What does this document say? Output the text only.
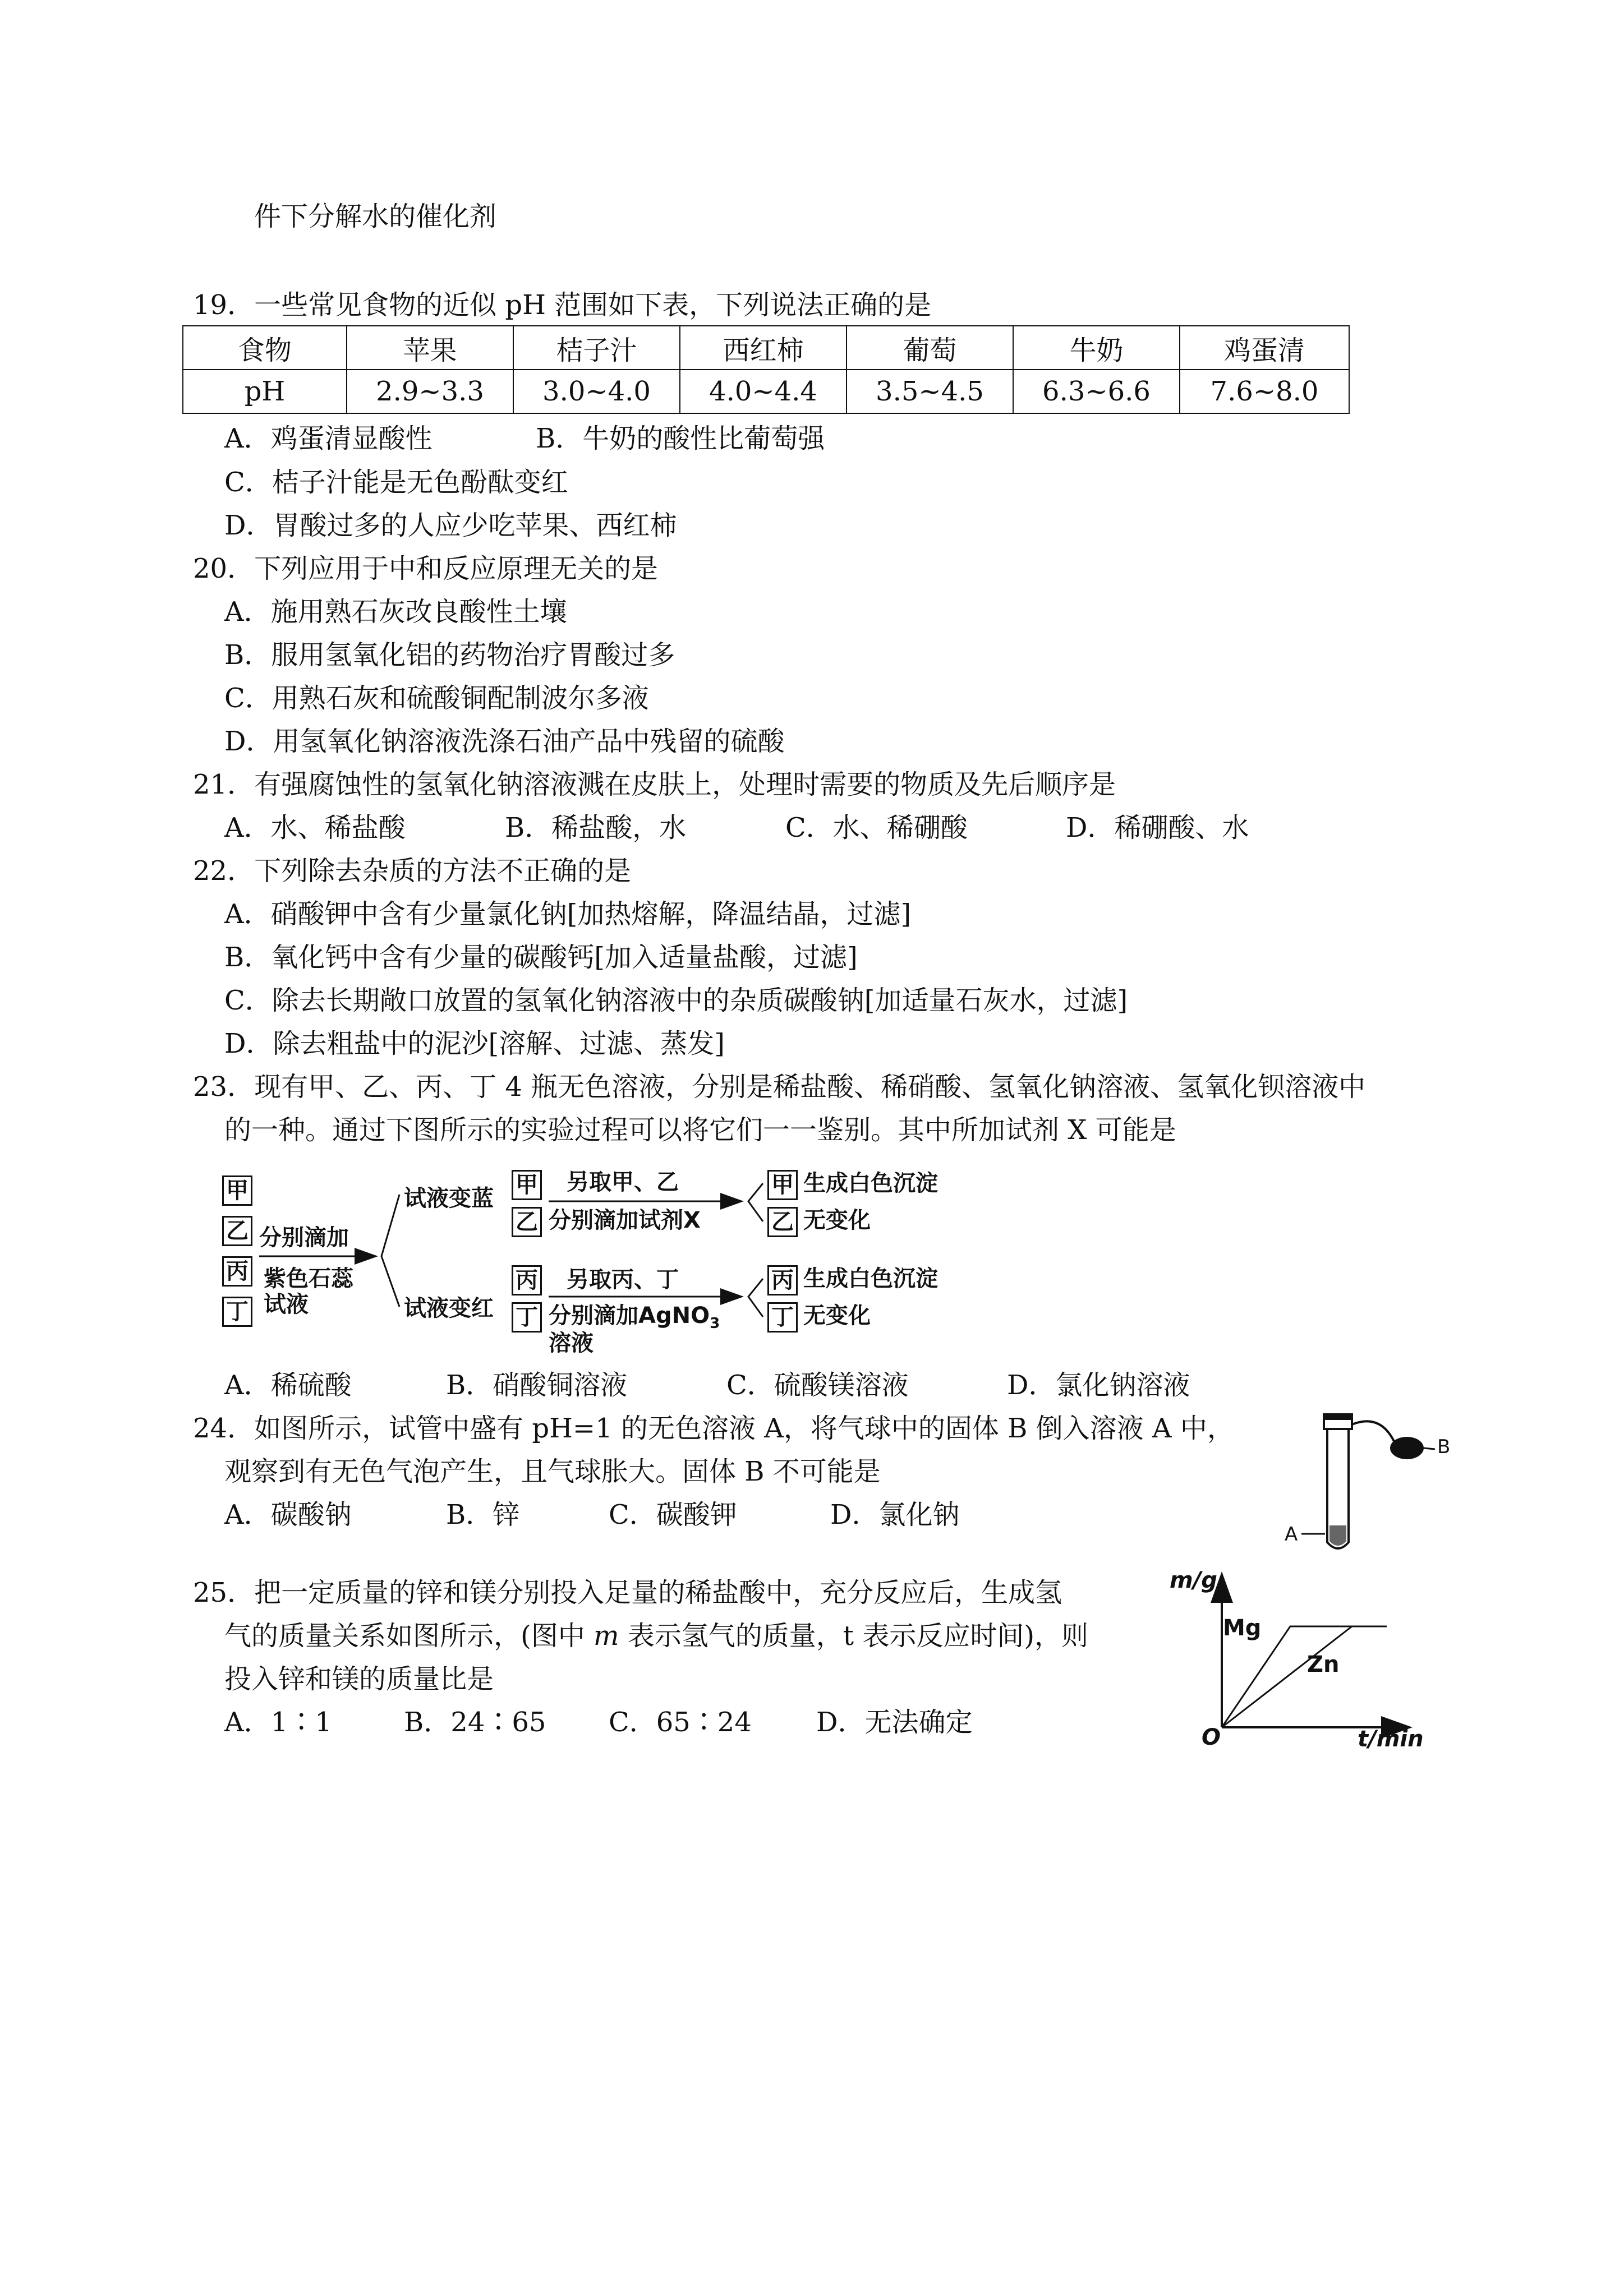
件下分解水的催化剂
19．一些常见食物的近似 pH 范围如下表，下列说法正确的是
食物	苹果	桔子汁	西红柿	葡萄	牛奶	鸡蛋清
pH	2.9~3.3	3.0~4.0	4.0~4.4	3.5~4.5	6.3~6.6	7.6~8.0
A．鸡蛋清显酸性	B．牛奶的酸性比葡萄强
C．桔子汁能是无色酚酞变红
D．胃酸过多的人应少吃苹果、西红柿
20．下列应用于中和反应原理无关的是
A．施用熟石灰改良酸性土壤
B．服用氢氧化铝的药物治疗胃酸过多
C．用熟石灰和硫酸铜配制波尔多液
D．用氢氧化钠溶液洗涤石油产品中残留的硫酸
21．有强腐蚀性的氢氧化钠溶液溅在皮肤上，处理时需要的物质及先后顺序是
A．水、稀盐酸	B．稀盐酸，水	C．水、稀硼酸	D．稀硼酸、水
22．下列除去杂质的方法不正确的是
A．硝酸钾中含有少量氯化钠[加热熔解，降温结晶，过滤]
B．氧化钙中含有少量的碳酸钙[加入适量盐酸，过滤]
C．除去长期敞口放置的氢氧化钠溶液中的杂质碳酸钠[加适量石灰水，过滤]
D．除去粗盐中的泥沙[溶解、过滤、蒸发]
23．现有甲、乙、丙、丁 4 瓶无色溶液，分别是稀盐酸、稀硝酸、氢氧化钠溶液、氢氧化钡溶液中
的一种。通过下图所示的实验过程可以将它们一一鉴别。其中所加试剂 X 可能是
甲
乙
丙
丁
分别滴加
紫色石蕊
试液
试液变蓝
试液变红
甲
乙
另取甲、乙
分别滴加试剂X
丙
丁
另取丙、丁
分别滴加AgNO$_3$
溶液
甲
乙
生成白色沉淀
无变化
丙
丁
生成白色沉淀
无变化
A．稀硫酸	B．硝酸铜溶液	C．硫酸镁溶液	D．氯化钠溶液
24．如图所示，试管中盛有 pH=1 的无色溶液 A，将气球中的固体 B 倒入溶液 A 中，
观察到有无色气泡产生，且气球胀大。固体 B 不可能是
A．碳酸钠	B．锌	C．碳酸钾	D．氯化钠
B
A
25．把一定质量的锌和镁分别投入足量的稀盐酸中，充分反应后，生成氢
气的质量关系如图所示，(图中 m 表示氢气的质量，t 表示反应时间)，则
投入锌和镁的质量比是
A．1∶1	B．24∶65 C．65∶24 D．无法确定
m/g
t/min
O
Mg
Zn
